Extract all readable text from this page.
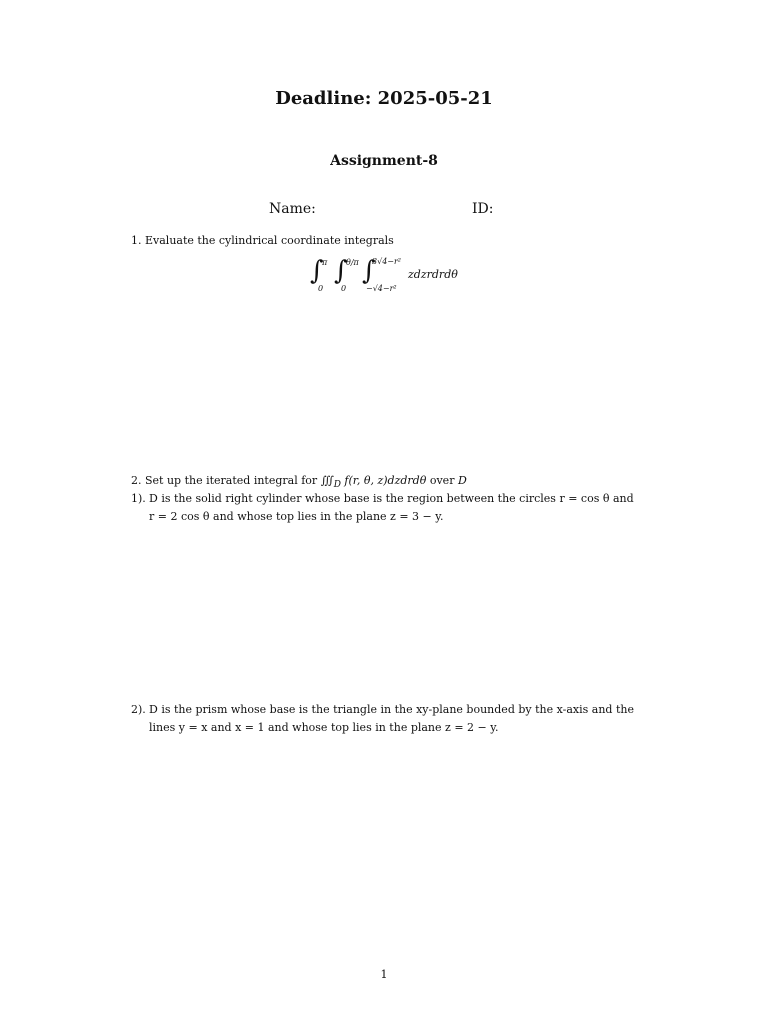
Deadline: 2025-05-21
Assignment-8
Name:	ID:
1. Evaluate the cylindrical coordinate integrals
∫
π
0
∫
θ/π
0
∫
3√4−r²
−√4−r²
zdzrdrdθ
2. Set up the iterated integral for $∭_D$ f(r, θ, z)dzdrdθ over D
1). D is the solid right cylinder whose base is the region between the circles r = cos θ and
r = 2 cos θ and whose top lies in the plane z = 3 − y.
2). D is the prism whose base is the triangle in the xy-plane bounded by the x-axis and the
lines y = x and x = 1 and whose top lies in the plane z = 2 − y.
1
